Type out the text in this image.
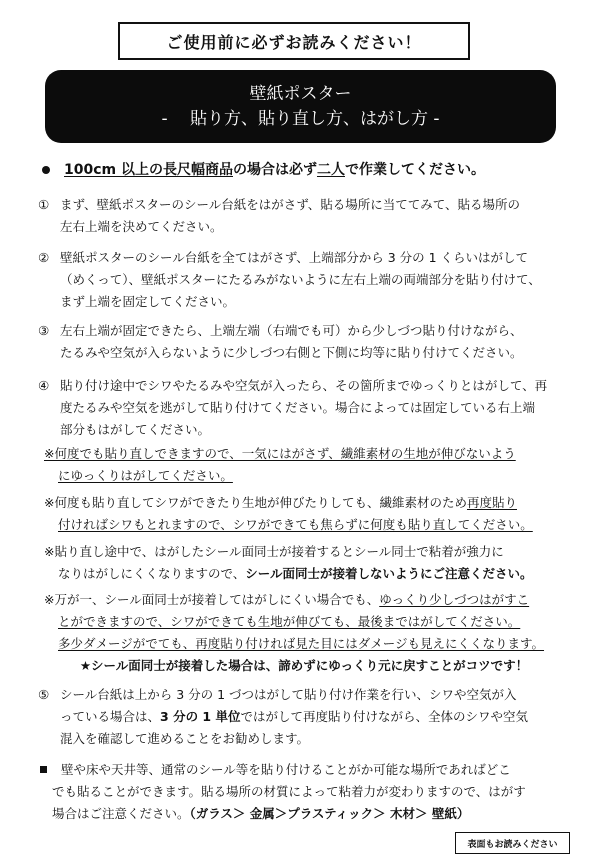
ご使用前に必ずお読みください！
壁紙ポスター
-　 貼り方、貼り直し方、はがし方 -
100cm 以上の長尺幅商品の場合は必ず二人で作業してください。
① まず、壁紙ポスターのシール台紙をはがさず、貼る場所に当ててみて、貼る場所の
左右上端を決めてください。
② 壁紙ポスターのシール台紙を全てはがさず、上端部分から 3 分の 1 くらいはがして
（めくって）、壁紙ポスターにたるみがないように左右上端の両端部分を貼り付けて、
まず上端を固定してください。
③ 左右上端が固定できたら、上端左端（右端でも可）から少しづつ貼り付けながら、
たるみや空気が入らないように少しづつ右側と下側に均等に貼り付けてください。
④ 貼り付け途中でシワやたるみや空気が入ったら、その箇所までゆっくりとはがして、再
度たるみや空気を逃がして貼り付けてください。場合によっては固定している右上端
部分もはがしてください。
※何度でも貼り直しできますので、一気にはがさず、繊維素材の生地が伸びないよう
にゆっくりはがしてください。
※何度も貼り直してシワができたり生地が伸びたりしても、繊維素材のため再度貼り
付ければシワもとれますので、シワができても焦らずに何度も貼り直してください。
※貼り直し途中で、はがしたシール面同士が接着するとシール同士で粘着が強力に
なりはがしにくくなりますので、シール面同士が接着しないようにご注意ください。
※万が一、シール面同士が接着してはがしにくい場合でも、ゆっくり少しづつはがすこ
とができますので、シワができても生地が伸びても、最後まではがしてください。
多少ダメージがでても、再度貼り付ければ見た目にはダメージも見えにくくなります。
★シール面同士が接着した場合は、諦めずにゆっくり元に戻すことがコツです！
⑤ シール台紙は上から 3 分の 1 づつはがして貼り付け作業を行い、シワや空気が入
っている場合は、3 分の 1 単位ではがして再度貼り付けながら、全体のシワや空気
混入を確認して進めることをお勧めします。
壁や床や天井等、通常のシール等を貼り付けることがか可能な場所であればどこ
でも貼ることができます。貼る場所の材質によって粘着力が変わりますので、はがす
場合はご注意ください。（ガラス＞ 金属＞プラスティック＞ 木材＞ 壁紙）
表面もお読みください
